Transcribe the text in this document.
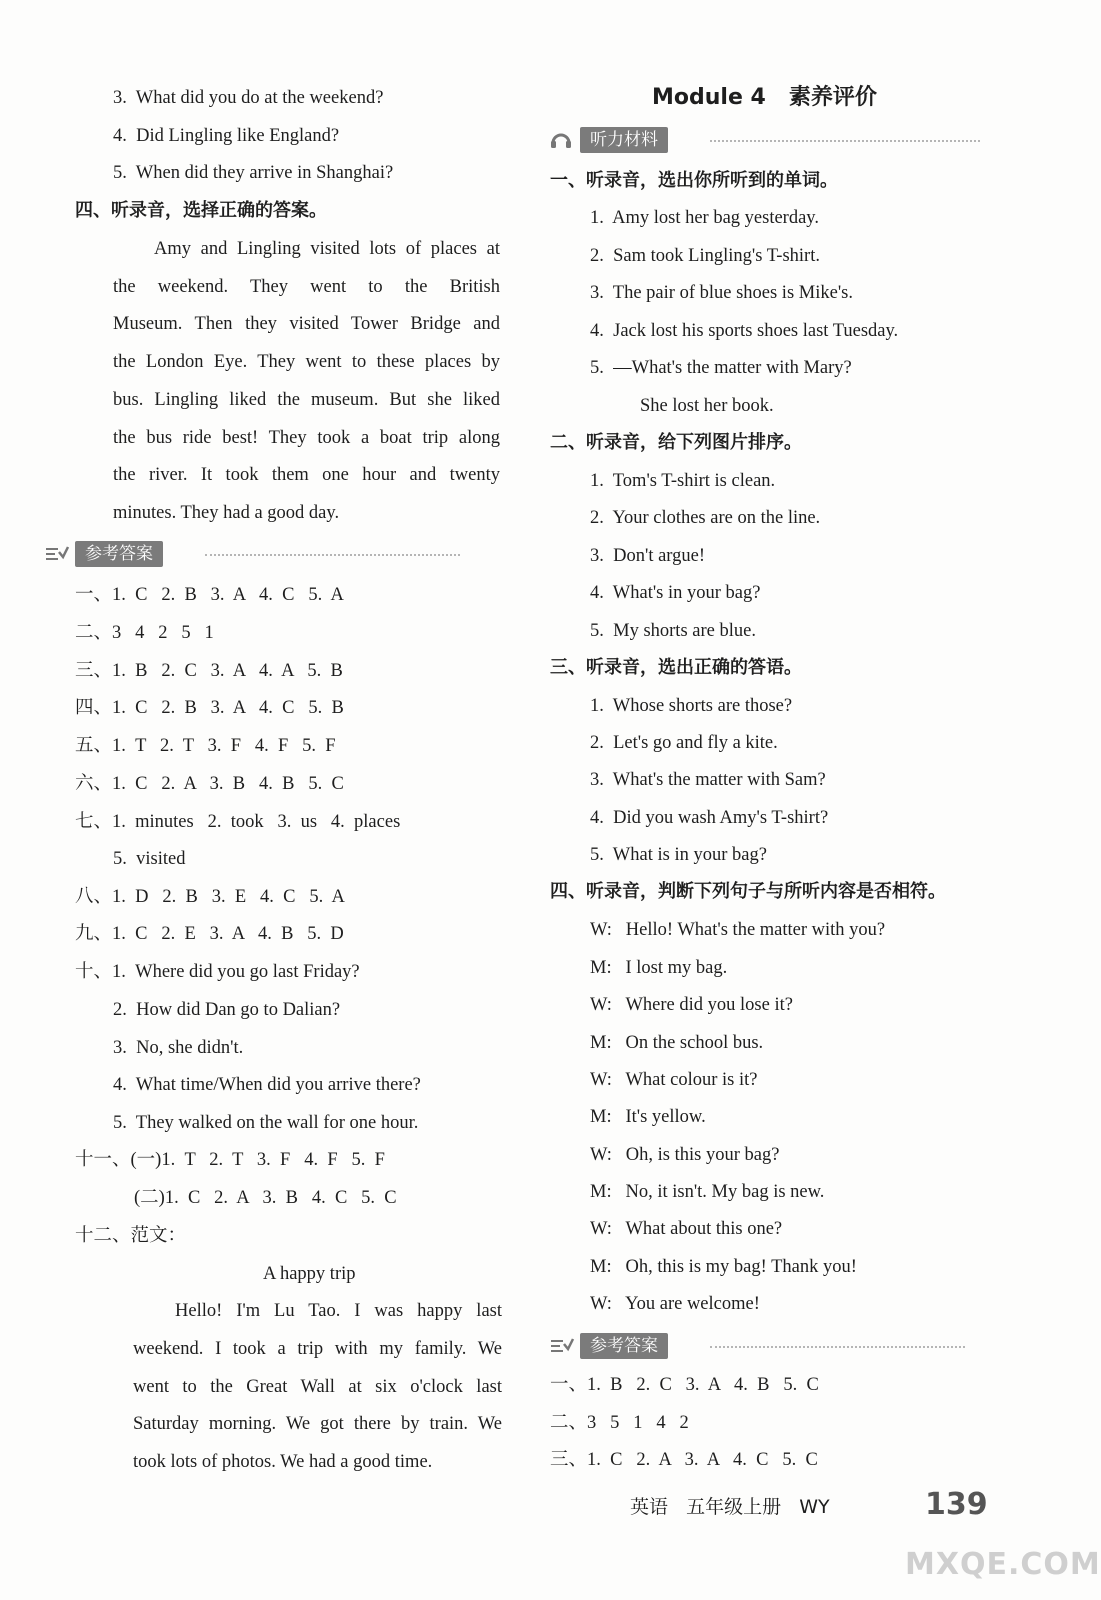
3.  What did you do at the weekend?
4.  Did Lingling like England?
5.  When did they arrive in Shanghai?
四、听录音，选择正确的答案。
Amy and Lingling visited lots of places at
the weekend. They went to the British
Museum. Then they visited Tower Bridge and
the London Eye. They went to these places by
bus. Lingling liked the museum. But she liked
the bus ride best! They took a boat trip along
the river. It took them one hour and twenty
minutes. They had a good day.
参考答案
一、1.  C   2.  B   3.  A   4.  C   5.  A
二、3   4   2   5   1
三、1.  B   2.  C   3.  A   4.  A   5.  B
四、1.  C   2.  B   3.  A   4.  C   5.  B
五、1.  T   2.  T   3.  F   4.  F   5.  F
六、1.  C   2.  A   3.  B   4.  B   5.  C
七、1.  minutes   2.  took   3.  us   4.  places
5.  visited
八、1.  D   2.  B   3.  E   4.  C   5.  A
九、1.  C   2.  E   3.  A   4.  B   5.  D
十、1.  Where did you go last Friday?
2.  How did Dan go to Dalian?
3.  No, she didn't.
4.  What time/When did you arrive there?
5.  They walked on the wall for one hour.
十一、(一)1.  T   2.  T   3.  F   4.  F   5.  F
(二)1.  C   2.  A   3.  B   4.  C   5.  C
十二、范文：
A happy trip
Hello! I'm Lu Tao. I was happy last
weekend. I took a trip with my family. We
went to the Great Wall at six o'clock last
Saturday morning. We got there by train. We
took lots of photos. We had a good time.
听力材料
一、听录音，选出你所听到的单词。
1.  Amy lost her bag yesterday.
2.  Sam took Lingling's T-shirt.
3.  The pair of blue shoes is Mike's.
4.  Jack lost his sports shoes last Tuesday.
5.  —What's the matter with Mary?
She lost her book.
二、听录音，给下列图片排序。
1.  Tom's T-shirt is clean.
2.  Your clothes are on the line.
3.  Don't argue!
4.  What's in your bag?
5.  My shorts are blue.
三、听录音，选出正确的答语。
1.  Whose shorts are those?
2.  Let's go and fly a kite.
3.  What's the matter with Sam?
4.  Did you wash Amy's T-shirt?
5.  What is in your bag?
四、听录音，判断下列句子与所听内容是否相符。
W:   Hello! What's the matter with you?
M:   I lost my bag.
W:   Where did you lose it?
M:   On the school bus.
W:   What colour is it?
M:   It's yellow.
W:   Oh, is this your bag?
M:   No, it isn't. My bag is new.
W:   What about this one?
M:   Oh, this is my bag! Thank you!
W:   You are welcome!
参考答案
一、1.  B   2.  C   3.  A   4.  B   5.  C
二、3   5   1   4   2
三、1.  C   2.  A   3.  A   4.  C   5.  C
Module 4   素养评价
英语   五年级上册   WY	139
MXQE.COM
